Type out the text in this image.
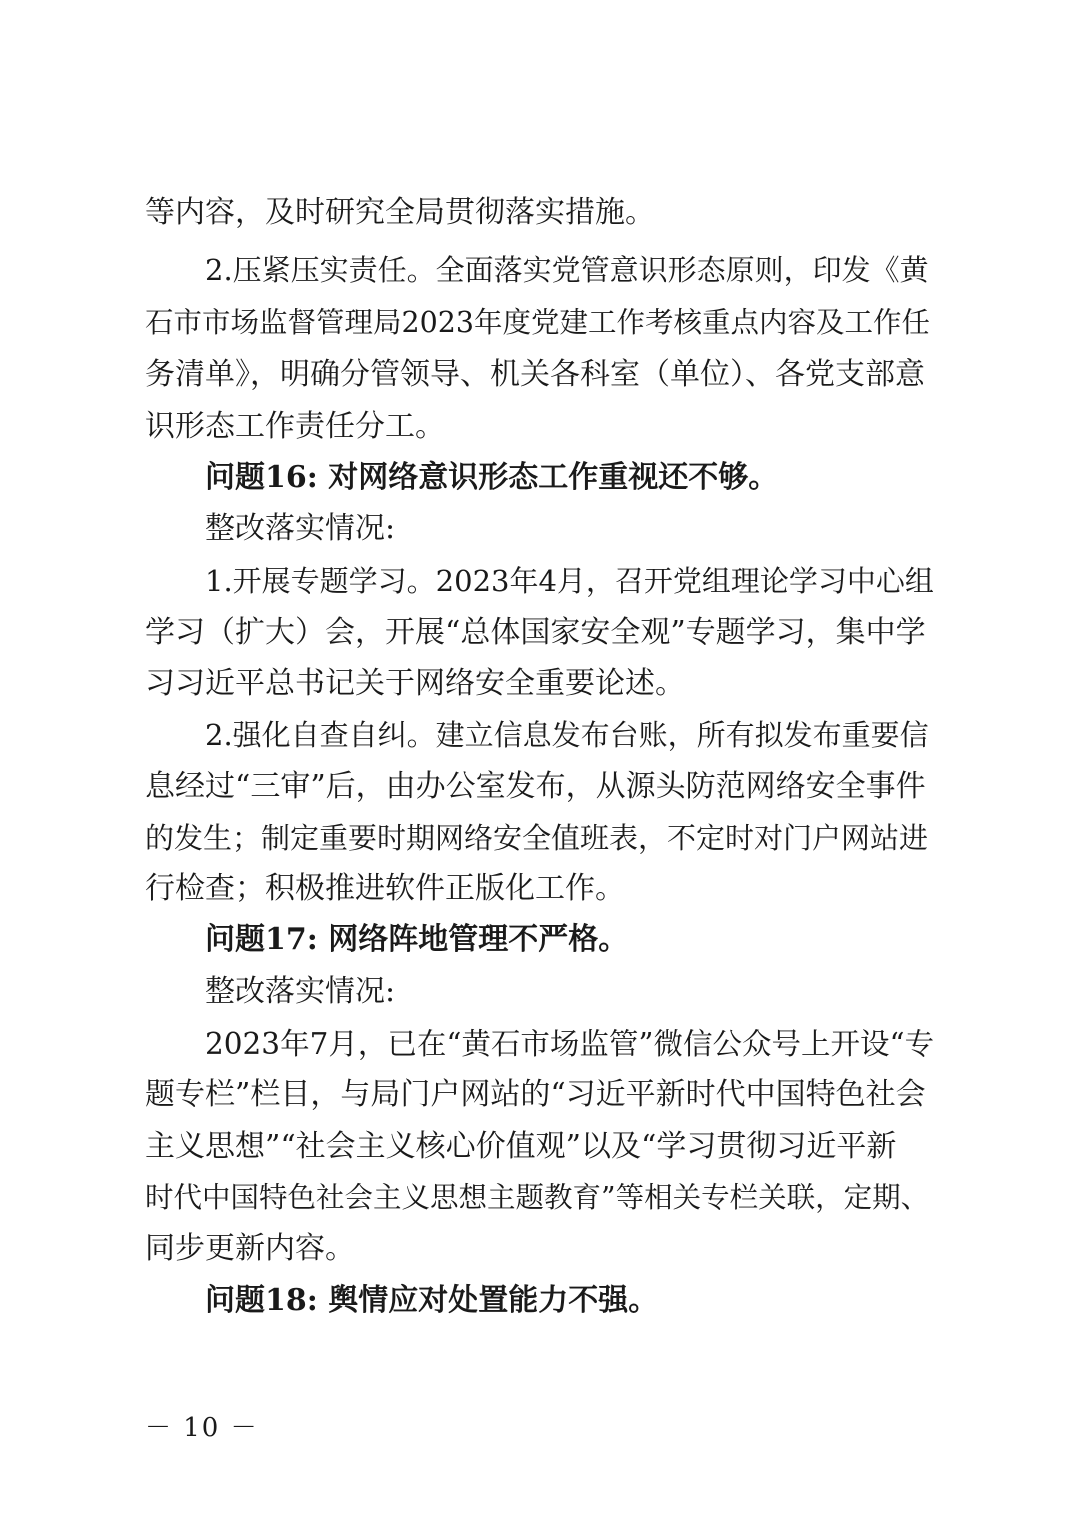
等内容，及时研究全局贯彻落实措施。
2.压紧压实责任。全面落实党管意识形态原则，印发《黄
石市市场监督管理局2023年度党建工作考核重点内容及工作任
务清单》，明确分管领导、机关各科室（单位）、各党支部意
识形态工作责任分工。
问题16: 对网络意识形态工作重视还不够。
整改落实情况:
1.开展专题学习。2023年4月，召开党组理论学习中心组
学习（扩大）会，开展“总体国家安全观”专题学习，集中学
习习近平总书记关于网络安全重要论述。
2.强化自查自纠。建立信息发布台账，所有拟发布重要信
息经过“三审”后，由办公室发布，从源头防范网络安全事件
的发生；制定重要时期网络安全值班表，不定时对门户网站进
行检查；积极推进软件正版化工作。
问题17: 网络阵地管理不严格。
整改落实情况:
2023年7月，已在“黄石市场监管”微信公众号上开设“专
题专栏”栏目，与局门户网站的“习近平新时代中国特色社会
主义思想”“社会主义核心价值观”以及“学习贯彻习近平新
时代中国特色社会主义思想主题教育”等相关专栏关联，定期、
同步更新内容。
问题18: 舆情应对处置能力不强。
－ 10 －
